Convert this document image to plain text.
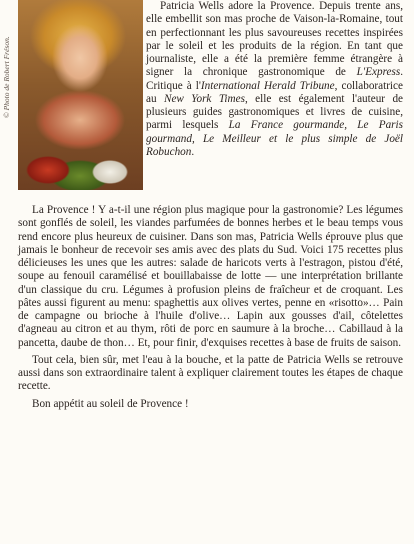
© Photo de Robert Fréson.

Patricia Wells adore la Provence. Depuis trente ans, elle embellit son mas proche de Vaison-la-Romaine, tout en perfectionnant les plus savoureuses recettes inspirées par le soleil et les produits de la région. En tant que journaliste, elle a été la première femme étrangère à signer la chronique gastronomique de L'Express. Critique à l'International Herald Tribune, collaboratrice au New York Times, elle est également l'auteur de plusieurs guides gastronomiques et livres de cuisine, parmi lesquels La France gourmande, Le Paris gourmand, Le Meilleur et le plus simple de Joël Robuchon.

La Provence ! Y a-t-il une région plus magique pour la gastronomie? Les légumes sont gonflés de soleil, les viandes parfumées de bonnes herbes et le beau temps vous rend encore plus heureux de cuisiner. Dans son mas, Patricia Wells éprouve plus que jamais le bonheur de recevoir ses amis avec des plats du Sud. Voici 175 recettes plus délicieuses les unes que les autres: salade de haricots verts à l'estragon, pistou d'été, soupe au fenouil caramélisé et bouillabaisse de lotte — une interprétation brillante d'un classique du cru. Légumes à profusion pleins de fraîcheur et de croquant. Les pâtes aussi figurent au menu: spaghettis aux olives vertes, penne en «risotto»… Pain de campagne ou brioche à l'huile d'olive… Lapin aux gousses d'ail, côtelettes d'agneau au citron et au thym, rôti de porc en saumure à la broche… Cabillaud à la pancetta, daube de thon… Et, pour finir, d'exquises recettes à base de fruits de saison.

Tout cela, bien sûr, met l'eau à la bouche, et la patte de Patricia Wells se retrouve aussi dans son extraordinaire talent à expliquer clairement toutes les étapes de chaque recette.

Bon appétit au soleil de Provence !
